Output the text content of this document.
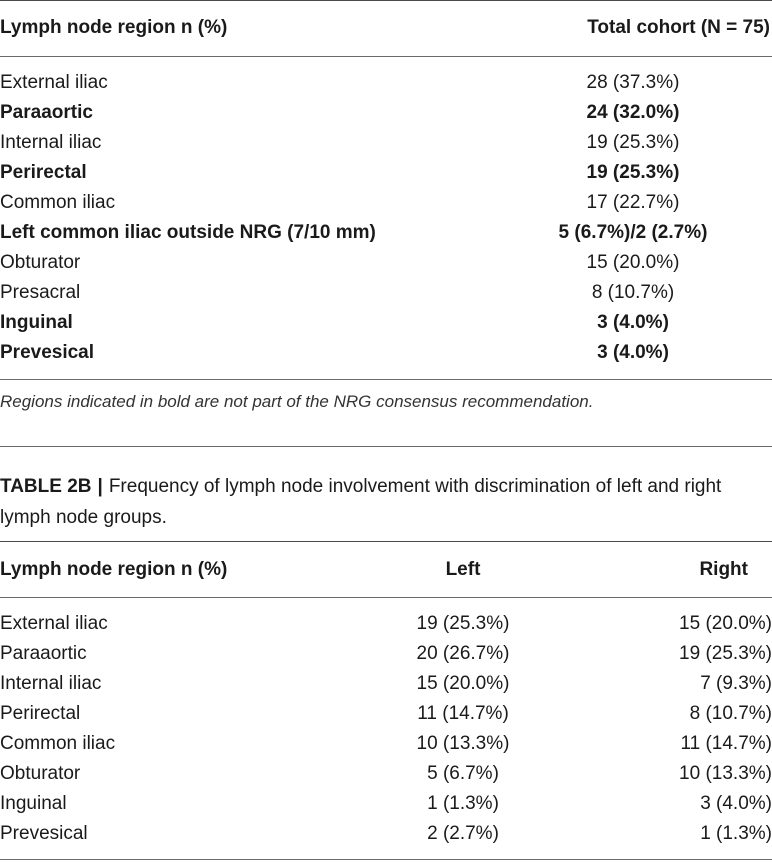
Lymph node region n (%)	Total cohort (N = 75)
External iliac	28 (37.3%)
Paraaortic	24 (32.0%)
Internal iliac	19 (25.3%)
Perirectal	19 (25.3%)
Common iliac	17 (22.7%)
Left common iliac outside NRG (7/10 mm)	5 (6.7%)/2 (2.7%)
Obturator	15 (20.0%)
Presacral	8 (10.7%)
Inguinal	3 (4.0%)
Prevesical	3 (4.0%)
Regions indicated in bold are not part of the NRG consensus recommendation.
TABLE 2B | Frequency of lymph node involvement with discrimination of left and right lymph node groups.
Lymph node region n (%)	Left	Right
External iliac	19 (25.3%)	15 (20.0%)
Paraaortic	20 (26.7%)	19 (25.3%)
Internal iliac	15 (20.0%)	7 (9.3%)
Perirectal	11 (14.7%)	8 (10.7%)
Common iliac	10 (13.3%)	11 (14.7%)
Obturator	5 (6.7%)	10 (13.3%)
Inguinal	1 (1.3%)	3 (4.0%)
Prevesical	2 (2.7%)	1 (1.3%)
